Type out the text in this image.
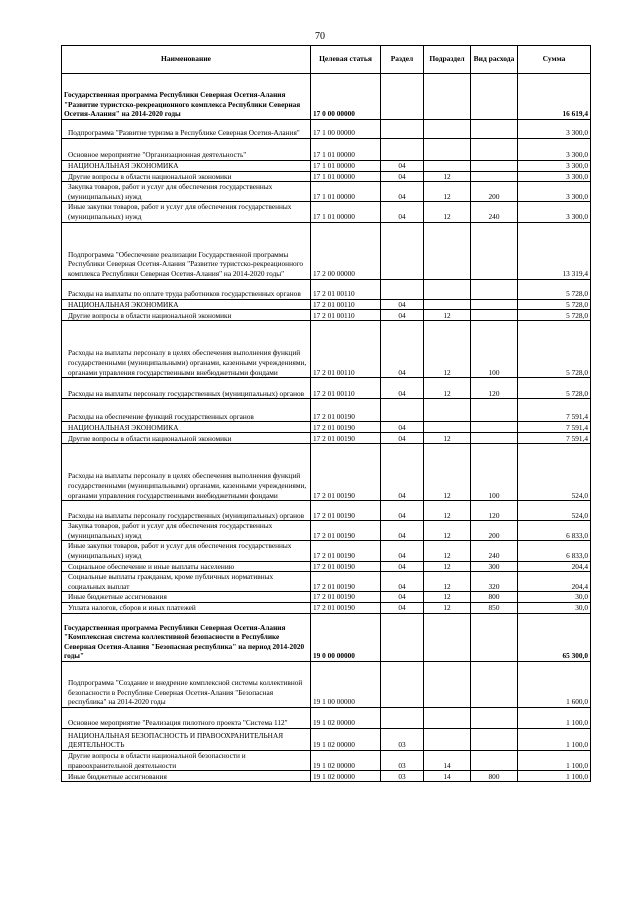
70
Наименование	Целевая статья	Раздел	Подраздел	Вид расхода	Сумма
Государственная программа Республики Северная Осетия-Алания "Развитие туристско-рекреационного комплекса Республики Северная Осетия-Алания" на 2014-2020 годы	17 0 00 00000				16 619,4
Подпрограмма "Развитие туризма в Республике Северная Осетия-Алания"	17 1 00 00000				3 300,0
Основное мероприятие "Организационная деятельность"	17 1 01 00000				3 300,0
НАЦИОНАЛЬНАЯ ЭКОНОМИКА	17 1 01 00000	04			3 300,0
Другие вопросы в области национальной экономики	17 1 01 00000	04	12		3 300,0
Закупка товаров, работ и услуг для обеспечения государственных (муниципальных) нужд	17 1 01 00000	04	12	200	3 300,0
Иные закупки товаров, работ и услуг для обеспечения государственных (муниципальных) нужд	17 1 01 00000	04	12	240	3 300,0
Подпрограмма "Обеспечение реализации Государственной программы Республики Северная Осетия-Алания "Развитие туристско-рекреационного комплекса Республики Северная Осетия-Алания" на 2014-2020 годы"	17 2 00 00000				13 319,4
Расходы на выплаты по оплате труда работников государственных органов	17 2 01 00110				5 728,0
НАЦИОНАЛЬНАЯ ЭКОНОМИКА	17 2 01 00110	04			5 728,0
Другие вопросы в области национальной экономики	17 2 01 00110	04	12		5 728,0
Расходы на выплаты персоналу в целях обеспечения выполнения функций государственными (муниципальными) органами, казенными учреждениями, органами управления государственными внебюджетными фондами	17 2 01 00110	04	12	100	5 728,0
Расходы на выплаты персоналу государственных (муниципальных) органов	17 2 01 00110	04	12	120	5 728,0
Расходы на обеспечение функций государственных органов	17 2 01 00190				7 591,4
НАЦИОНАЛЬНАЯ ЭКОНОМИКА	17 2 01 00190	04			7 591,4
Другие вопросы в области национальной экономики	17 2 01 00190	04	12		7 591,4
Расходы на выплаты персоналу в целях обеспечения выполнения функций государственными (муниципальными) органами, казенными учреждениями, органами управления государственными внебюджетными фондами	17 2 01 00190	04	12	100	524,0
Расходы на выплаты персоналу государственных (муниципальных) органов	17 2 01 00190	04	12	120	524,0
Закупка товаров, работ и услуг для обеспечения государственных (муниципальных) нужд	17 2 01 00190	04	12	200	6 833,0
Иные закупки товаров, работ и услуг для обеспечения государственных (муниципальных) нужд	17 2 01 00190	04	12	240	6 833,0
Социальное обеспечение и иные выплаты населению	17 2 01 00190	04	12	300	204,4
Социальные выплаты гражданам, кроме публичных нормативных социальных выплат	17 2 01 00190	04	12	320	204,4
Иные бюджетные ассигнования	17 2 01 00190	04	12	800	30,0
Уплата налогов, сборов и иных платежей	17 2 01 00190	04	12	850	30,0
Государственная программа Республики Северная Осетия-Алания "Комплексная система коллективной безопасности в Республике Северная Осетия-Алания "Безопасная республика" на период 2014-2020 годы"	19 0 00 00000				65 300,0
Подпрограмма "Создание и внедрение комплексной системы коллективной безопасности в Республике Северная Осетия-Алания "Безопасная республика" на 2014-2020 годы	19 1 00 00000				1 600,0
Основное мероприятие "Реализация пилотного проекта "Система 112"	19 1 02 00000				1 100,0
НАЦИОНАЛЬНАЯ БЕЗОПАСНОСТЬ И ПРАВООХРАНИТЕЛЬНАЯ ДЕЯТЕЛЬНОСТЬ	19 1 02 00000	03			1 100,0
Другие вопросы в области национальной безопасности и правоохранительной деятельности	19 1 02 00000	03	14		1 100,0
Иные бюджетные ассигнования	19 1 02 00000	03	14	800	1 100,0
